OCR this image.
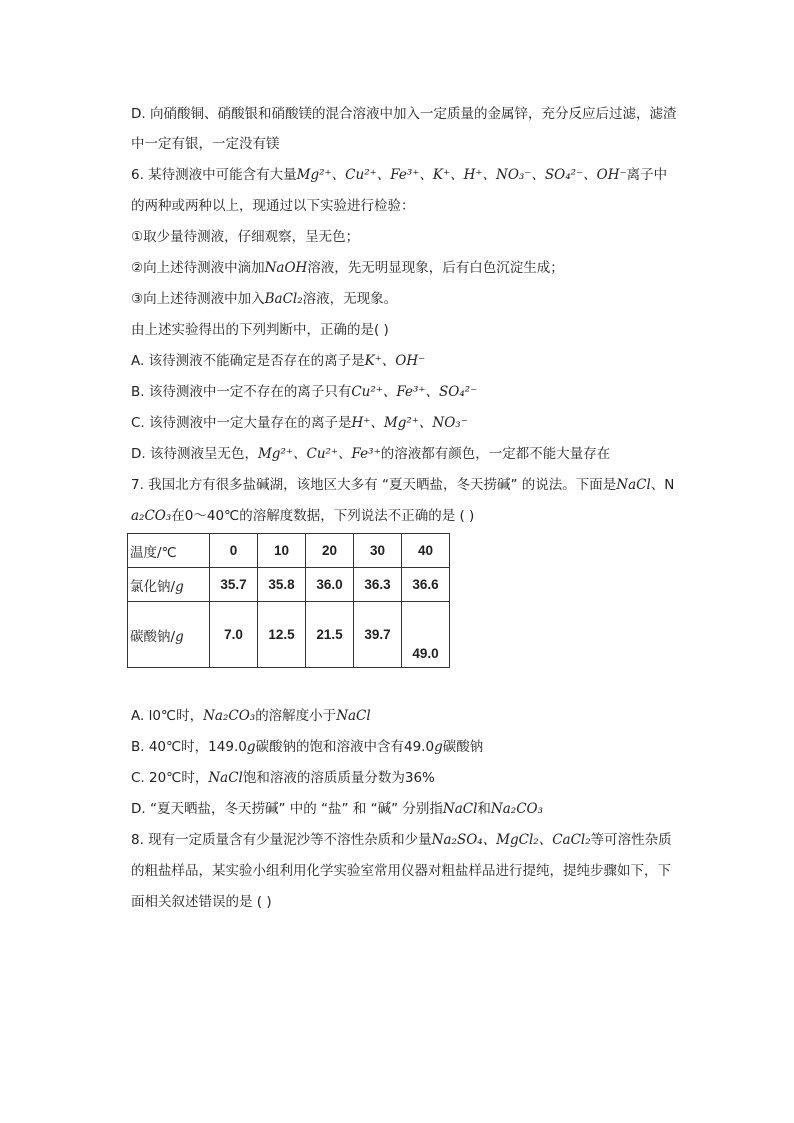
D. 向硝酸铜、硝酸银和硝酸镁的混合溶液中加入一定质量的金属锌，充分反应后过滤，滤渣
中一定有银，一定没有镁
6. 某待测液中可能含有大量Mg²⁺、Cu²⁺、Fe³⁺、K⁺、H⁺、NO₃⁻、SO₄²⁻、OH⁻离子中
的两种或两种以上，现通过以下实验进行检验：
①取少量待测液，仔细观察，呈无色；
②向上述待测液中滴加NaOH溶液，先无明显现象，后有白色沉淀生成；
③向上述待测液中加入BaCl₂溶液，无现象。
由上述实验得出的下列判断中，正确的是( )
A. 该待测液不能确定是否存在的离子是K⁺、OH⁻
B. 该待测液中一定不存在的离子只有Cu²⁺、Fe³⁺、SO₄²⁻
C. 该待测液中一定大量存在的离子是H⁺、Mg²⁺、NO₃⁻
D. 该待测液呈无色，Mg²⁺、Cu²⁺、Fe³⁺的溶液都有颜色，一定都不能大量存在
7. 我国北方有很多盐碱湖，该地区大多有 “夏天晒盐，冬天捞碱” 的说法。下面是NaCl、N
a₂CO₃在0～40℃的溶解度数据，下列说法不正确的是 ( )
温度/℃	0	10	20	30	40
氯化钠/g	35.7	35.8	36.0	36.3	36.6
碳酸钠/g	7.0	12.5	21.5	39.7	49.0
A. l0℃时，Na₂CO₃的溶解度小于NaCl
B. 40℃时，149.0g碳酸钠的饱和溶液中含有49.0g碳酸钠
C. 20℃时，NaCl饱和溶液的溶质质量分数为36%
D. “夏天晒盐，冬天捞碱” 中的 “盐” 和 “碱” 分别指NaCl和Na₂CO₃
8. 现有一定质量含有少量泥沙等不溶性杂质和少量Na₂SO₄、MgCl₂、CaCl₂等可溶性杂质
的粗盐样品，某实验小组利用化学实验室常用仪器对粗盐样品进行提纯，提纯步骤如下，下
面相关叙述错误的是 ( )
